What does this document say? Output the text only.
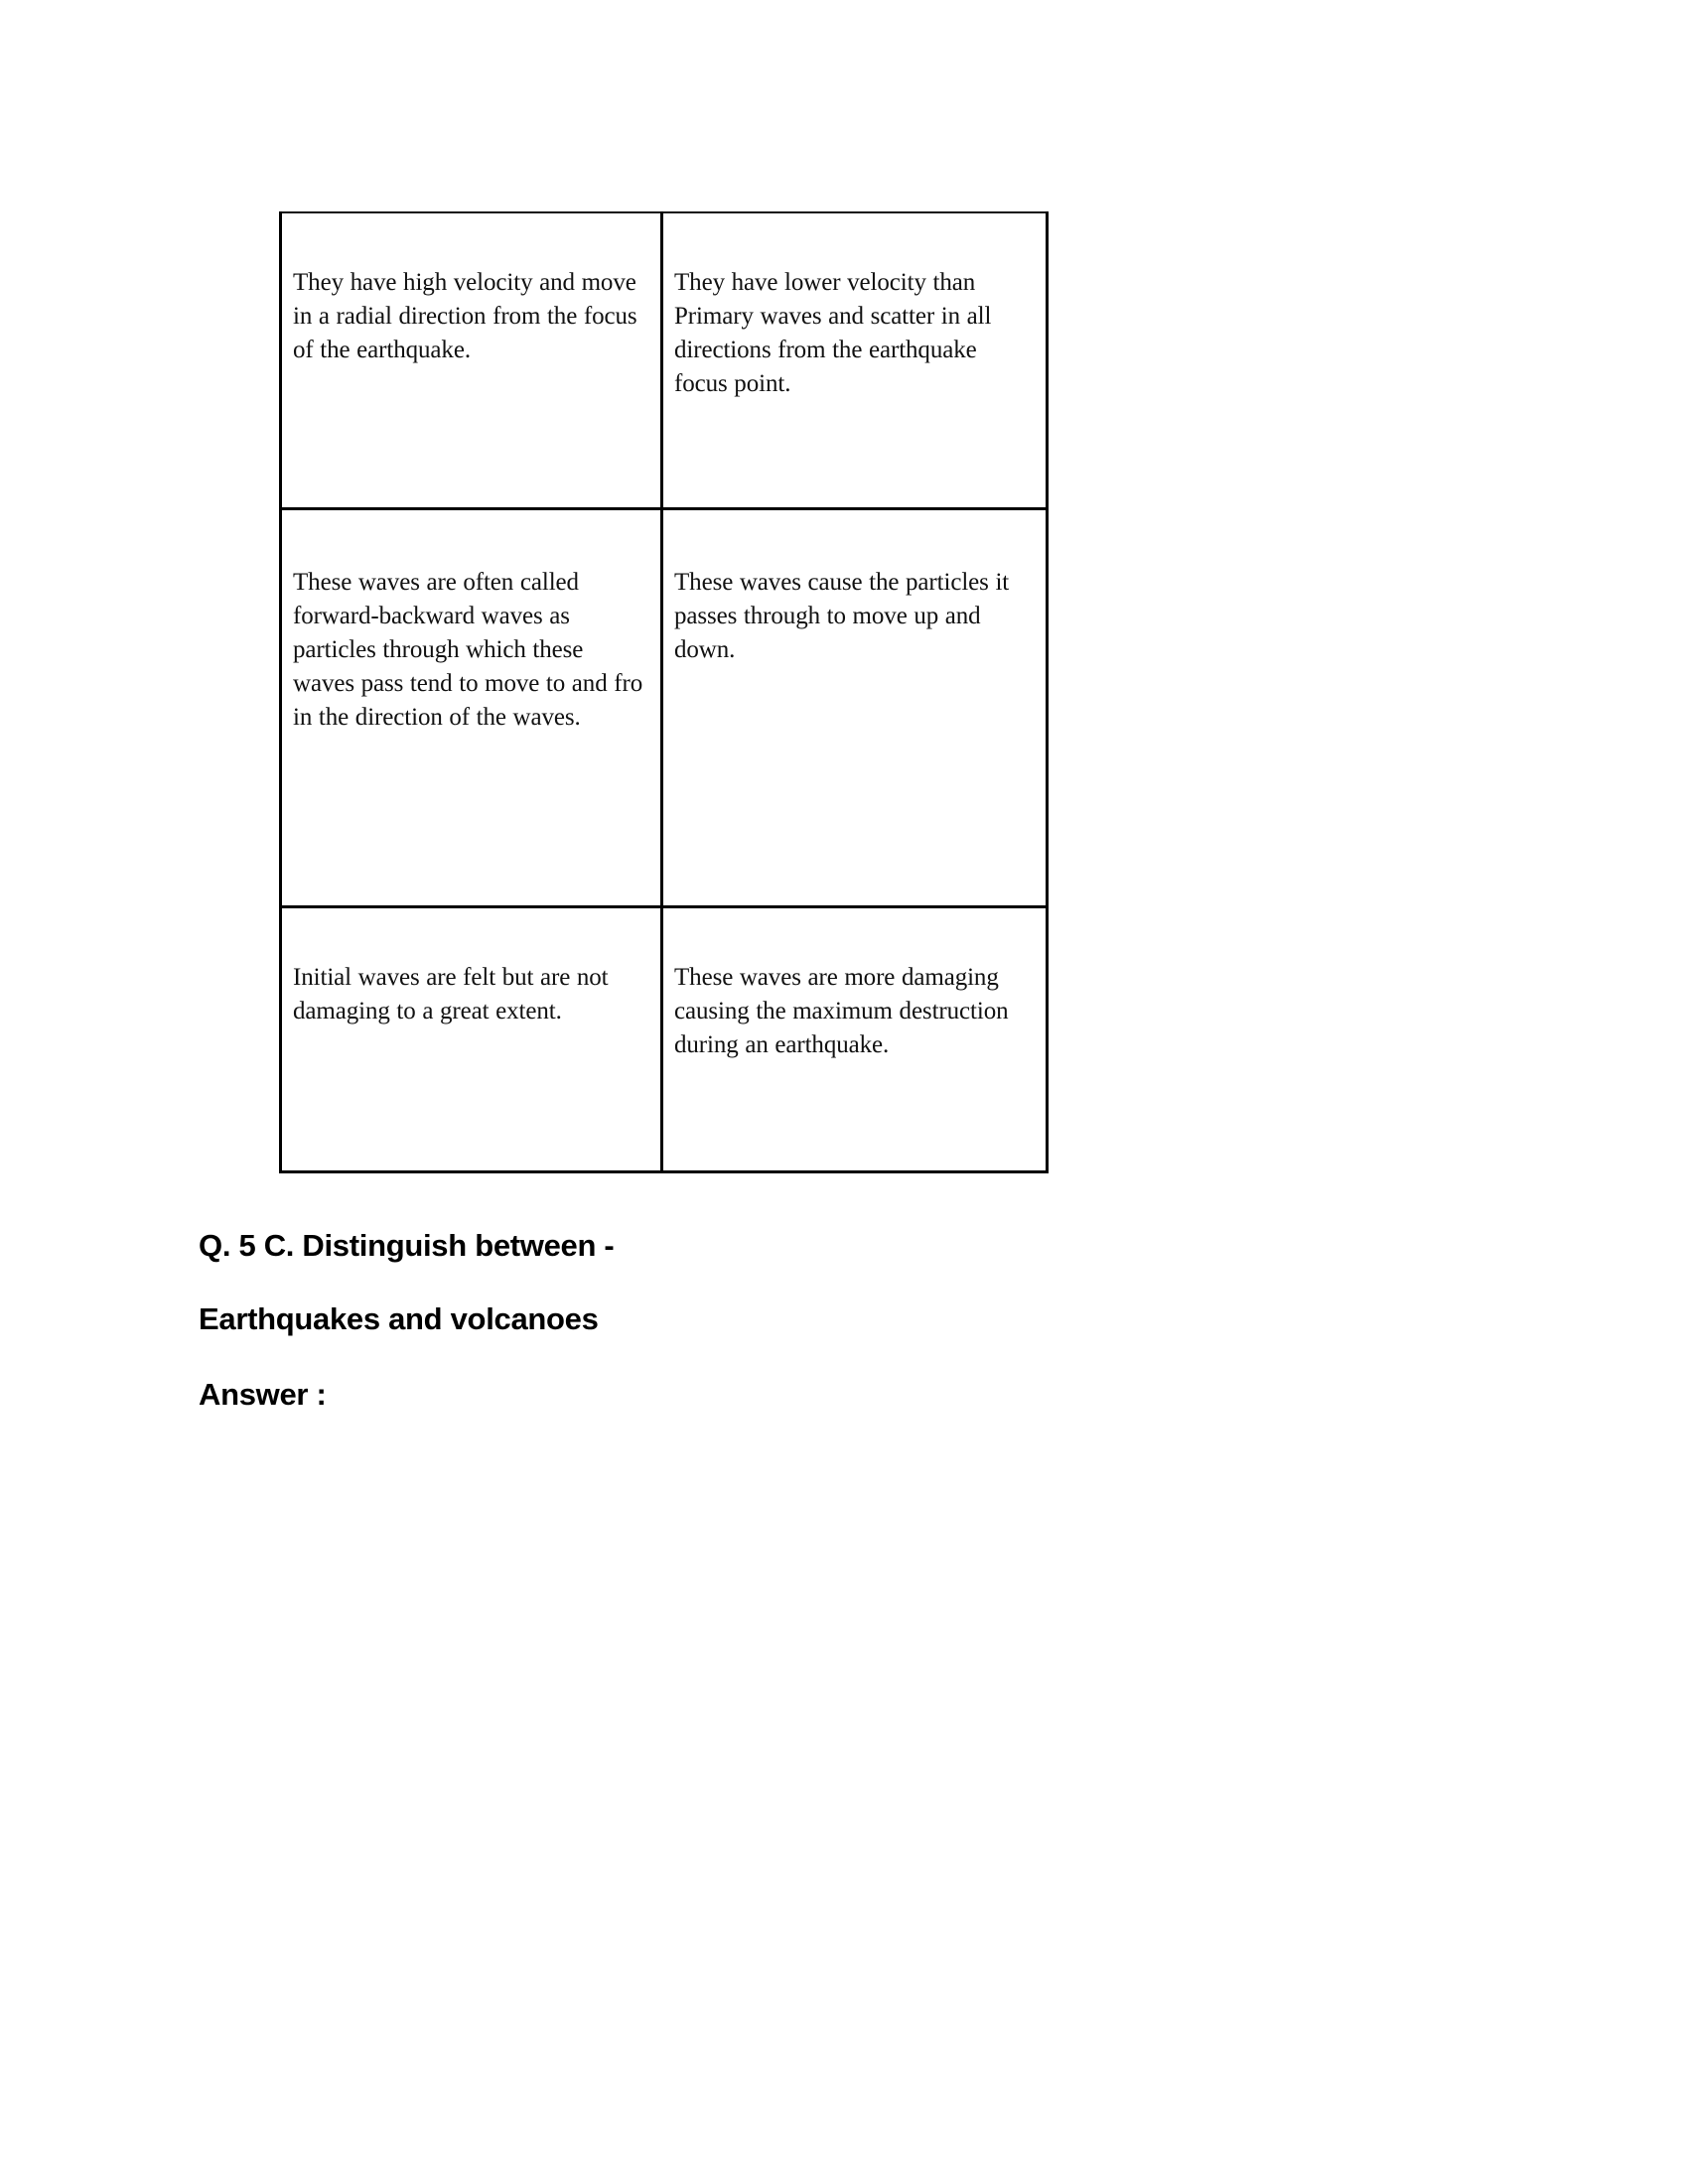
They have high velocity and move in a radial direction from the focus of the earthquake.	They have lower velocity than Primary waves and scatter in all directions from the earthquake focus point.

These waves are often called forward-backward waves as particles through which these waves pass tend to move to and fro in the direction of the waves.	These waves cause the particles it passes through to move up and down.

Initial waves are felt but are not damaging to a great extent.	These waves are more damaging causing the maximum destruction during an earthquake.
Q. 5 C. Distinguish between -
Earthquakes and volcanoes
Answer :
